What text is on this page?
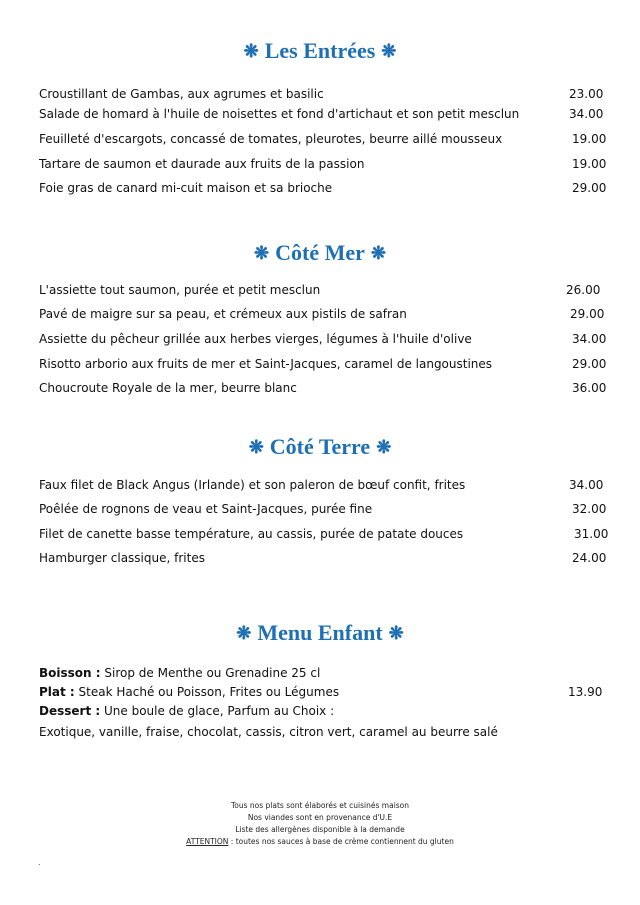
❋ Les Entrées ❋
Croustillant de Gambas, aux agrumes et basilic	23.00
Salade de homard à l'huile de noisettes et fond d'artichaut et son petit mesclun	34.00
Feuilleté d'escargots, concassé de tomates, pleurotes, beurre aillé mousseux	19.00
Tartare de saumon et daurade aux fruits de la passion	19.00
Foie gras de canard mi-cuit maison et sa brioche	29.00
❋ Côté Mer ❋
L'assiette tout saumon, purée et petit mesclun	26.00
Pavé de maigre sur sa peau, et crémeux aux pistils de safran	29.00
Assiette du pêcheur grillée aux herbes vierges, légumes à l'huile d'olive	34.00
Risotto arborio aux fruits de mer et Saint-Jacques, caramel de langoustines	29.00
Choucroute Royale de la mer, beurre blanc	36.00
❋ Côté Terre ❋
Faux filet de Black Angus (Irlande) et son paleron de bœuf confit, frites	34.00
Poêlée de rognons de veau et Saint-Jacques, purée fine	32.00
Filet de canette basse température, au cassis, purée de patate douces	31.00
Hamburger classique, frites	24.00
❋ Menu Enfant ❋
Boisson : Sirop de Menthe ou Grenadine 25 cl
Plat : Steak Haché ou Poisson, Frites ou Légumes	13.90
Dessert : Une boule de glace, Parfum au Choix :
Exotique, vanille, fraise, chocolat, cassis, citron vert, caramel au beurre salé
Tous nos plats sont élaborés et cuisinés maison
Nos viandes sont en provenance d'U.E
Liste des allergènes disponible à la demande
ATTENTION : toutes nos sauces à base de crème contiennent du gluten
.
